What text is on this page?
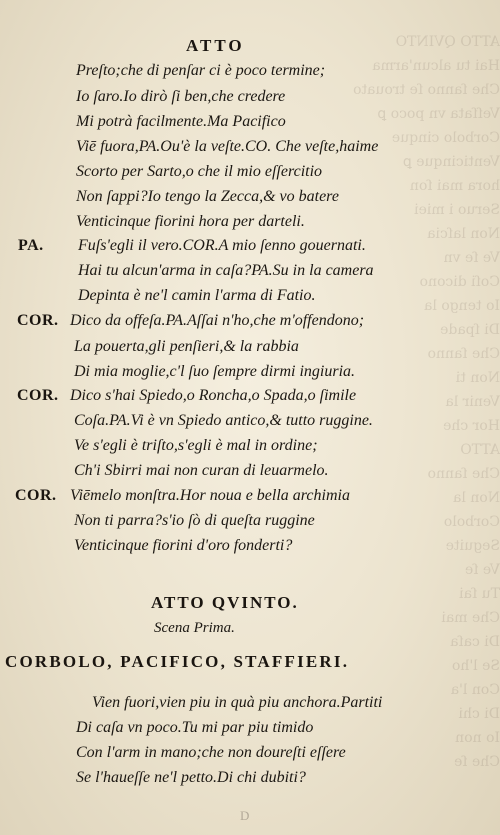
ATTO QVINTO
Hai tu alcun'arma
Che ſanno ſe trouato
Veſſata vn poco ꝑ
Corbolo cinque
Venticinque ꝑ
hora mai ſon
Seruo i miei
Non laſcia
Ve ſe vn
Coſi dicono
Io tengo la
Di ſpade
Che ſanno
Non ti
Venir la
Hor che
ATTO
Che ſanno
Non la
Corbolo
Seguite
Ve ſe
Tu ſai
Che mai
Di caſa
Se l'ho
Con l'a
Di chi
Io non
Che ſe
ATTO
Preſto;che di penſar ci è poco termine;
Io ſaro.Io dirò ſi ben,che credere
Mi potrà facilmente.Ma Pacifico
Viē fuora,PA.Ou'è la veſte.CO. Che veſte,haime
Scorto per Sarto,o che il mio eſſercitio
Non ſappi?Io tengo la Zecca,& vo batere
Venticinque fiorini hora per darteli.
PA. Fuſs'egli il vero.COR.A mio ſenno gouernati.
Hai tu alcun'arma in caſa?PA.Su in la camera
Depinta è ne'l camin l'arma di Fatio.
COR. Dico da offeſa.PA.Aſſai n'ho,che m'offendono;
La pouerta,gli penſieri,& la rabbia
Di mia moglie,c'l ſuo ſempre dirmi ingiuria.
COR. Dico s'hai Spiedo,o Roncha,o Spada,o ſimile
Coſa.PA.Vi è vn Spiedo antico,& tutto ruggine.
Ve s'egli è triſto,s'egli è mal in ordine;
Ch'i Sbirri mai non curan di leuarmelo.
COR. Viēmelo monſtra.Hor noua e bella archimia
Non ti parra?s'io ſò di queſta ruggine
Venticinque fiorini d'oro fonderti?
ATTO QVINTO.
Scena Prima.
CORBOLO, PACIFICO, STAFFIERI.
Vien fuori,vien piu in quà piu anchora.Partiti
Di caſa vn poco.Tu mi par piu timido
Con l'arm in mano;che non doureſti eſſere
Se l'haueſſe ne'l petto.Di chi dubiti?
D
